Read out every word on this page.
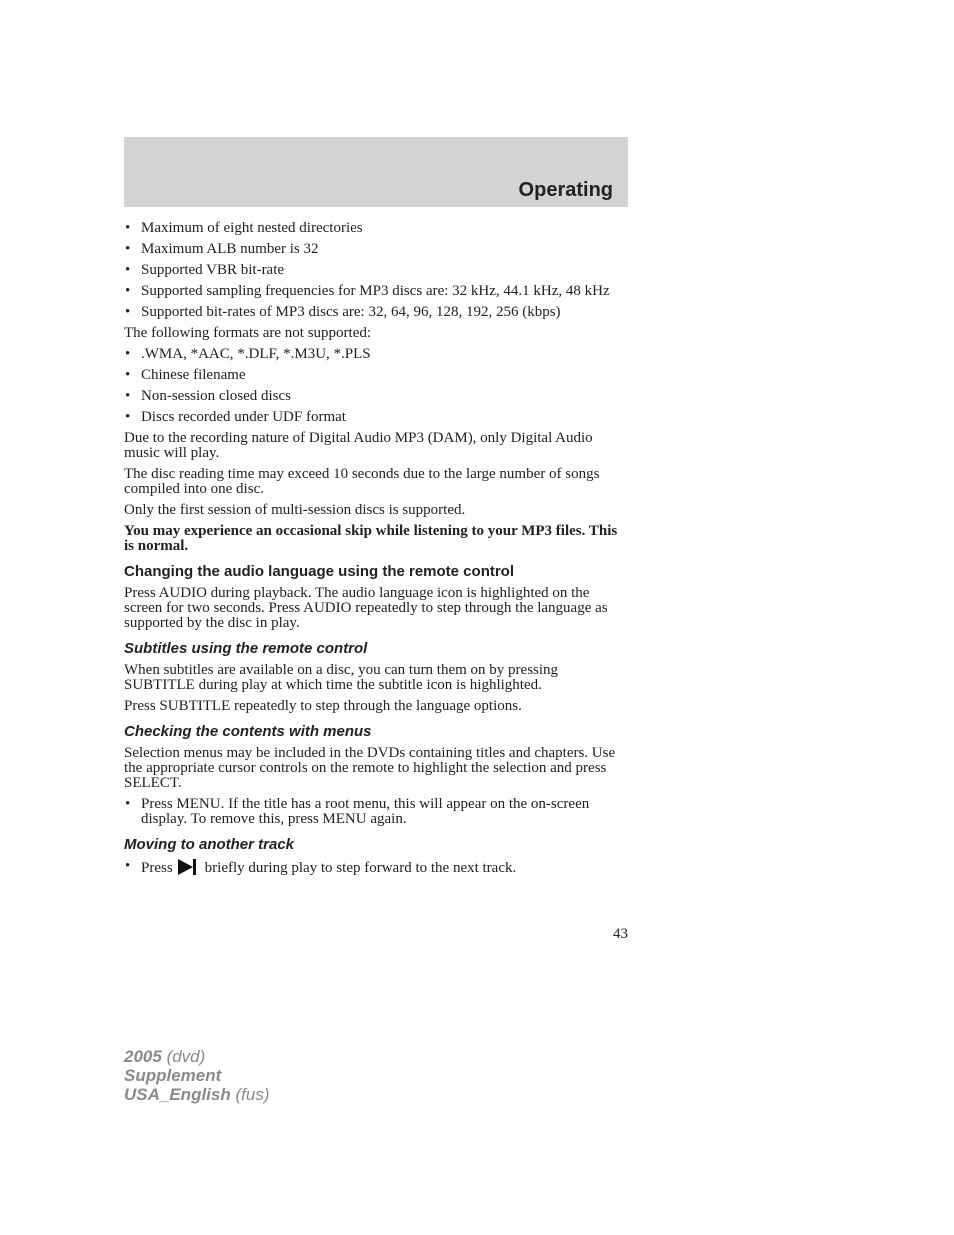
Operating
• Maximum of eight nested directories
• Maximum ALB number is 32
• Supported VBR bit-rate
• Supported sampling frequencies for MP3 discs are: 32 kHz, 44.1 kHz, 48 kHz
• Supported bit-rates of MP3 discs are: 32, 64, 96, 128, 192, 256 (kbps)

The following formats are not supported:

• .WMA, *AAC, *.DLF, *.M3U, *.PLS
• Chinese filename
• Non-session closed discs
• Discs recorded under UDF format

Due to the recording nature of Digital Audio MP3 (DAM), only Digital Audio music will play.

The disc reading time may exceed 10 seconds due to the large number of songs compiled into one disc.

Only the first session of multi-session discs is supported.

You may experience an occasional skip while listening to your MP3 files. This is normal.

Changing the audio language using the remote control

Press AUDIO during playback. The audio language icon is highlighted on the screen for two seconds. Press AUDIO repeatedly to step through the language as supported by the disc in play.

Subtitles using the remote control

When subtitles are available on a disc, you can turn them on by pressing SUBTITLE during play at which time the subtitle icon is highlighted.

Press SUBTITLE repeatedly to step through the language options.

Checking the contents with menus

Selection menus may be included in the DVDs containing titles and chapters. Use the appropriate cursor controls on the remote to highlight the selection and press SELECT.

• Press MENU. If the title has a root menu, this will appear on the on-screen display. To remove this, press MENU again.
Moving to another track
• Press briefly during play to step forward to the next track.
43
2005 (dvd)
Supplement
USA_English (fus)
